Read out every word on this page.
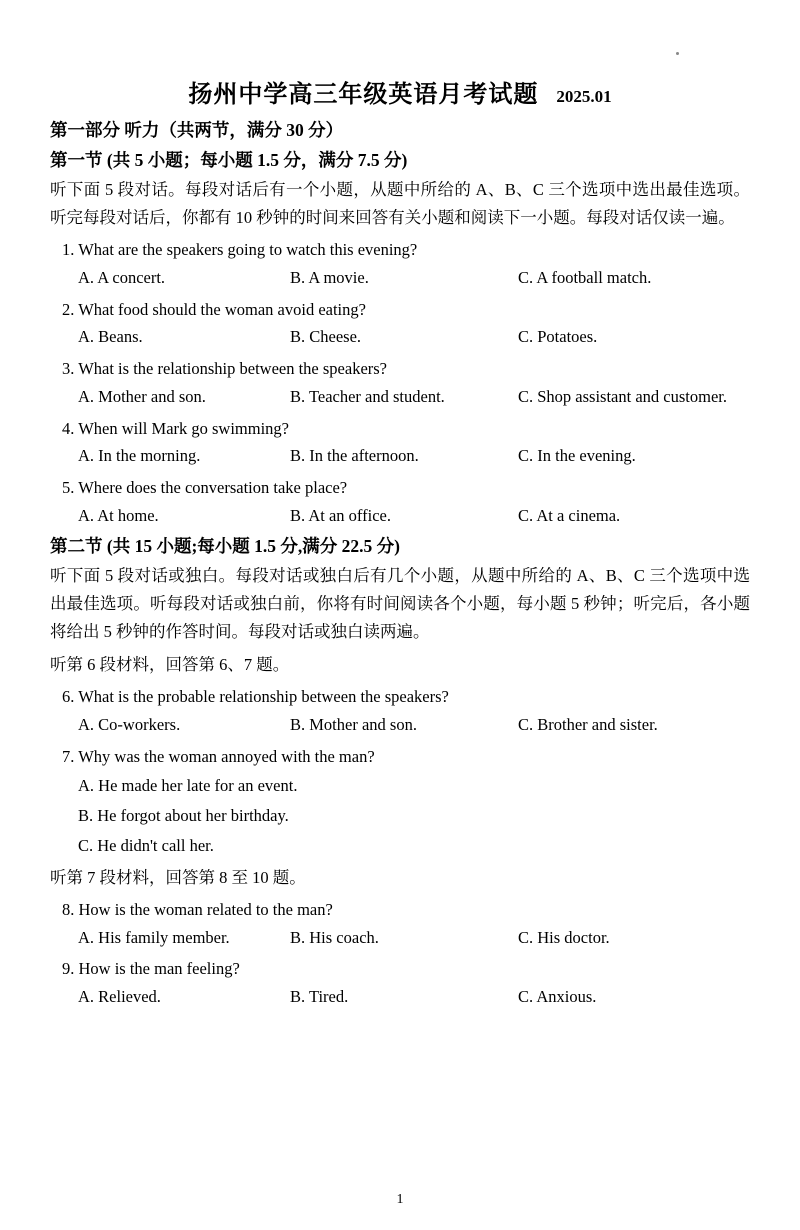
扬州中学高三年级英语月考试题 2025.01
第一部分 听力（共两节，满分 30 分）
第一节 (共 5 小题；每小题 1.5 分，满分 7.5 分)
听下面 5 段对话。每段对话后有一个小题，从题中所给的 A、B、C 三个选项中选出最佳选项。听完每段对话后，你都有 10 秒钟的时间来回答有关小题和阅读下一小题。每段对话仅读一遍。
1. What are the speakers going to watch this evening?
A. A concert.	B. A movie.	C. A football match.
2. What food should the woman avoid eating?
A. Beans.	B. Cheese.	C. Potatoes.
3. What is the relationship between the speakers?
A. Mother and son.	B. Teacher and student.	C. Shop assistant and customer.
4. When will Mark go swimming?
A. In the morning.	B. In the afternoon.	C. In the evening.
5. Where does the conversation take place?
A. At home.	B. At an office.	C. At a cinema.
第二节 (共 15 小题;每小题 1.5 分,满分 22.5 分)
听下面 5 段对话或独白。每段对话或独白后有几个小题，从题中所给的 A、B、C 三个选项中选出最佳选项。听每段对话或独白前，你将有时间阅读各个小题，每小题 5 秒钟；听完后，各小题将给出 5 秒钟的作答时间。每段对话或独白读两遍。
听第 6 段材料，回答第 6、7 题。
6. What is the probable relationship between the speakers?
A. Co-workers.	B. Mother and son.	C. Brother and sister.
7. Why was the woman annoyed with the man?
A. He made her late for an event.
B. He forgot about her birthday.
C. He didn't call her.
听第 7 段材料，回答第 8 至 10 题。
8. How is the woman related to the man?
A. His family member.	B. His coach.	C. His doctor.
9. How is the man feeling?
A. Relieved.	B. Tired.	C. Anxious.
1
